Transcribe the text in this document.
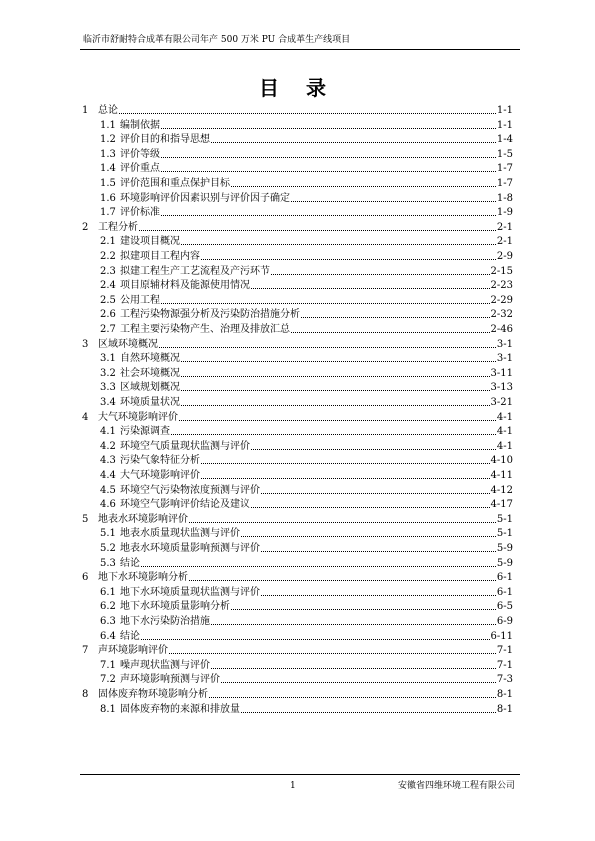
临沂市舒耐特合成革有限公司年产 500 万米 PU 合成革生产线项目
目 录
1 总论	1-1
1.1 编制依据	1-1
1.2 评价目的和指导思想	1-4
1.3 评价等级	1-5
1.4 评价重点	1-7
1.5 评价范围和重点保护目标	1-7
1.6 环境影响评价因素识别与评价因子确定	1-8
1.7 评价标准	1-9
2 工程分析	2-1
2.1 建设项目概况	2-1
2.2 拟建项目工程内容	2-9
2.3 拟建工程生产工艺流程及产污环节	2-15
2.4 项目原辅材料及能源使用情况	2-23
2.5 公用工程	2-29
2.6 工程污染物源强分析及污染防治措施分析	2-32
2.7 工程主要污染物产生、治理及排放汇总	2-46
3 区域环境概况	3-1
3.1 自然环境概况	3-1
3.2 社会环境概况	3-11
3.3 区域规划概况	3-13
3.4 环境质量状况	3-21
4 大气环境影响评价	4-1
4.1 污染源调查	4-1
4.2 环境空气质量现状监测与评价	4-1
4.3 污染气象特征分析	4-10
4.4 大气环境影响评价	4-11
4.5 环境空气污染物浓度预测与评价	4-12
4.6 环境空气影响评价结论及建议	4-17
5 地表水环境影响评价	5-1
5.1 地表水质量现状监测与评价	5-1
5.2 地表水环境质量影响预测与评价	5-9
5.3 结论	5-9
6 地下水环境影响分析	6-1
6.1 地下水环境质量现状监测与评价	6-1
6.2 地下水环境质量影响分析	6-5
6.3 地下水污染防治措施	6-9
6.4 结论	6-11
7 声环境影响评价	7-1
7.1 噪声现状监测与评价	7-1
7.2 声环境影响预测与评价	7-3
8 固体废弃物环境影响分析	8-1
8.1 固体废弃物的来源和排放量	8-1
1	安徽省四维环境工程有限公司
